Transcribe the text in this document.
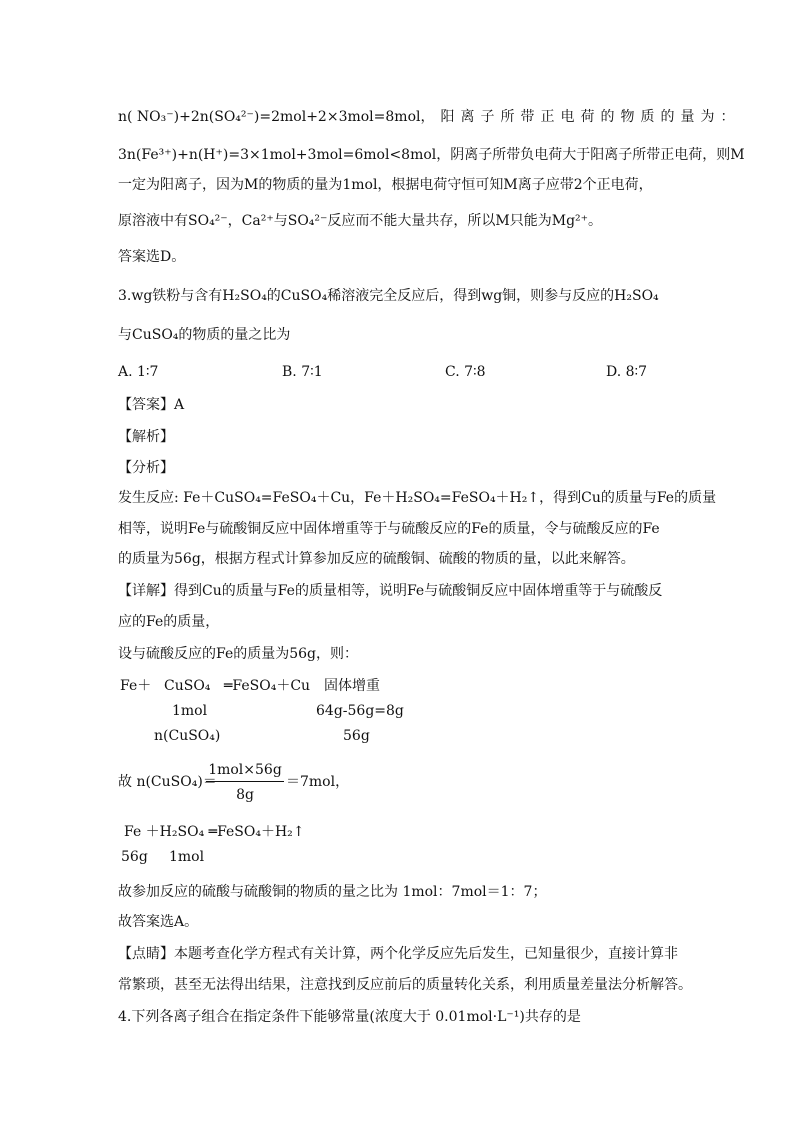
n( NO₃⁻)+2n(SO₄²⁻)=2mol+2×3mol=8mol ，阳离子所带正电荷的物质的量为：
3n(Fe³⁺)+n(H⁺)=3×1mol+3mol=6mol<8mol，阴离子所带负电荷大于阳离子所带正电荷，则M
一定为阳离子，因为M的物质的量为1mol，根据电荷守恒可知M离子应带2个正电荷，
原溶液中有SO₄²⁻，Ca²⁺与SO₄²⁻反应而不能大量共存，所以M只能为Mg²⁺。
答案选D。
3.wg铁粉与含有H₂SO₄的CuSO₄稀溶液完全反应后，得到wg铜，则参与反应的H₂SO₄
与CuSO₄的物质的量之比为
A. 1∶7	B. 7∶1	C. 7∶8	D. 8∶7
【答案】A
【解析】
【分析】
发生反应: Fe＋CuSO₄=FeSO₄＋Cu，Fe＋H₂SO₄=FeSO₄＋H₂↑，得到Cu的质量与Fe的质量
相等，说明Fe与硫酸铜反应中固体增重等于与硫酸反应的Fe的质量，令与硫酸反应的Fe
的质量为56g，根据方程式计算参加反应的硫酸铜、硫酸的物质的量，以此来解答。
【详解】得到Cu的质量与Fe的质量相等，说明Fe与硫酸铜反应中固体增重等于与硫酸反
应的Fe的质量，
设与硫酸反应的Fe的质量为56g，则：
Fe＋ CuSO₄ ═FeSO₄＋Cu 固体增重
1mol	64g-56g=8g
n(CuSO₄)	56g
故 n(CuSO₄)＝
1mol×56g
8g
＝7mol，
Fe ＋H₂SO₄ ═FeSO₄＋H₂↑
56g 1mol
故参加反应的硫酸与硫酸铜的物质的量之比为 1mol：7mol＝1：7；
故答案选A。
【点睛】本题考查化学方程式有关计算，两个化学反应先后发生，已知量很少，直接计算非
常繁琐，甚至无法得出结果，注意找到反应前后的质量转化关系，利用质量差量法分析解答。
4.下列各离子组合在指定条件下能够常量(浓度大于 0.01mol·L⁻¹)共存的是
